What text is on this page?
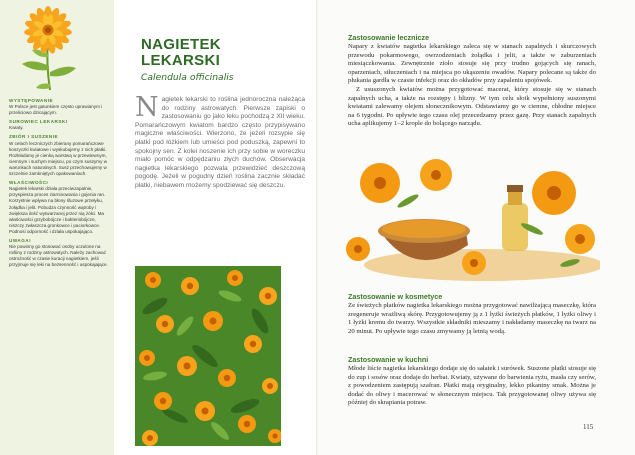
WYSTĘPOWANIE

W Polsce jest gatunkiem często uprawianym i przeliciowo dzicającym.

SUROWIEC LEKARSKI

Kwiaty.

ZBIÓR I SUSZENIE

W celach leczniczych zbierany pomarańczowe koszyczki kwiatowe i wyskubujemy z nich płatki. Rozkładamy je cienką warstwą w przewiewnym, ciemnym i suchym miejscu, po czym suszymy w warunkach naturalnych. Susz przechowujemy w szczelnie zamkniętych opakowaniach.

WŁAŚCIWOŚCI

Nagietek lekarski działa przeciwzapalnie, przyspiesza proces ziarninowania i gojenia ran. Korzystnie wpływa na błony śluzowe przełyku, żołądka i jelit. Pobudza czynność wątroby i zwiększa ilość wytwarzanej przez nią żółci. Ma właściwości grzybobójcze i bakteriobójcze, niszczy zwłaszcza gronkowce i paciorkowce. Podnosi odporność i działa uspokajająco.

UWAGA!

Nie powinny go stosować osoby uczulone na rośliny z rodziny astrowatych. Należy zachować ostrożność w czasie kuracji nagietkiem, jeśli przyjmuje się leki na bezsenność i uspokajające.

NAGIETEK
LEKARSKI
Calendula officinalis
Nagietek lekarski to roślina jednoroczna należąca do rodziny astrowatych. Pierwsze zapiski o zastosowaniu go jako leku pochodzą z XII wieku. Pomarańczowym kwiatom bardzo często przypisywano magiczne właściwości. Wierzono, że jeżeli rozsypie się płatki pod łóżkiem lub umieści pod poduszką, zapewni to spokojny sen. Z kolei noszenie ich przy sobie w woreczku miało pomóc w odpędzaniu złych duchów. Obserwacja nagietka lekarskiego pozwala przewidzieć deszczową pogodę. Jeżeli w pogodny dzień roślina zacznie składać płatki, niebawem możemy spodziewać się deszczu.
Zastosowanie lecznicze

Napary z kwiatów nagietka lekarskiego zaleca się w stanach zapalnych i skurczowych przewodu pokarmowego, owrzodzeniach żołądka i jelit, a także w zaburzeniach miesiączkowania. Zewnętrznie zioło stosuje się przy trudno gojących się ranach, oparzeniach, stłuczeniach i na miejsca po ukąszeniu owadów. Napary polecane są także do płukania gardła w czasie infekcji oraz do okładów przy zapaleniu spojówek.

Z ususzonych kwiatów można przygotować macerat, który stosuje się w stanach zapalnych ucha, a także na rozstępy i blizny. W tym celu słoik wypełniony suszonymi kwiatami zalewamy olejem słonecznikowym. Odstawiamy go w ciemne, chłodne miejsce na 6 tygodni. Po upływie tego czasu olej przecedzamy przez gazę. Przy stanach zapalnych ucha aplikujemy 1–2 krople do bolącego narządu.

Zastosowanie w kosmetyce

Ze świeżych płatków nagietka lekarskiego można przygotować nawilżającą maseczkę, która zregeneruje wrażliwą skórę. Przygotowujemy ją z 1 łyżki świeżych płatków, 1 łyżki oliwy i 1 łyżki kremu do twarzy. Wszystkie składniki mieszamy i nakładamy maseczkę na twarz na 20 minut. Po upływie tego czasu zmywamy ją letnią wodą.

Zastosowanie w kuchni

Młode liście nagietka lekarskiego dodaje się do sałatek i surówek. Suszone płatki stosuje się do zup i sosów oraz dodaje do herbat. Kwiaty, używane do barwienia ryżu, masła czy serów, z powodzeniem zastępują szafran. Płatki mają oryginalny, lekko pikantny smak. Można je dodać do oliwy i macerować w słonecznym miejscu. Tak przygotowanej oliwy używa się później do skrapiania potraw.

115
